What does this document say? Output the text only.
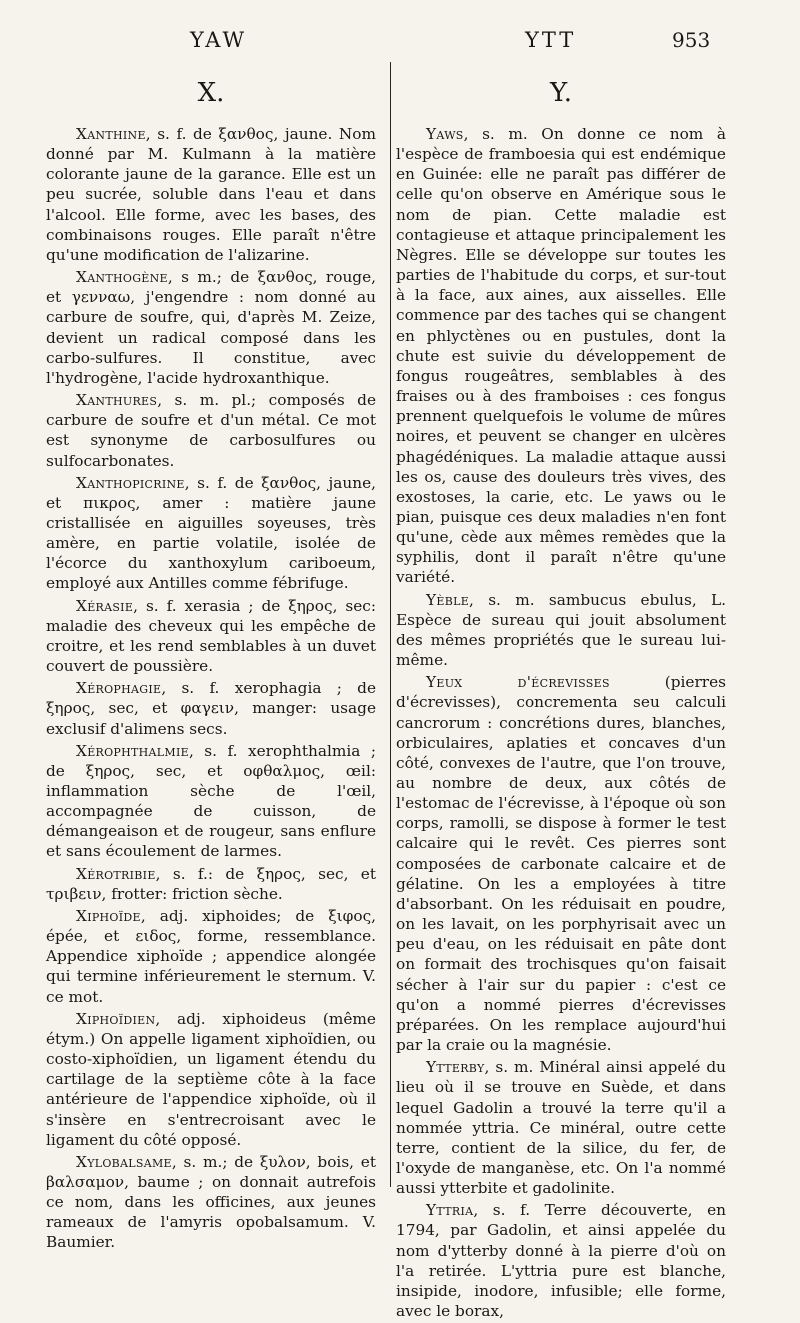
YAW	YTT	953
X.

Xanthine, s. f. de ξανθος, jaune. Nom donné par M. Kulmann à la matière colorante jaune de la garance. Elle est un peu sucrée, soluble dans l'eau et dans l'alcool. Elle forme, avec les bases, des combinaisons rouges. Elle paraît n'être qu'une modification de l'alizarine.

Xanthogène, s m.; de ξανθος, rouge, et γενναω, j'engendre : nom donné au carbure de soufre, qui, d'après M. Zeize, devient un radical composé dans les carbo-sulfures. Il constitue, avec l'hydrogène, l'acide hydroxanthique.

Xanthures, s. m. pl.; composés de carbure de soufre et d'un métal. Ce mot est synonyme de carbosulfures ou sulfocarbonates.

Xanthopicrine, s. f. de ξανθος, jaune, et πικρος, amer : matière jaune cristallisée en aiguilles soyeuses, très amère, en partie volatile, isolée de l'écorce du xanthoxylum cariboeum, employé aux Antilles comme fébrifuge.

Xérasie, s. f. xerasia ; de ξηρος, sec: maladie des cheveux qui les empêche de croitre, et les rend semblables à un duvet couvert de poussière.

Xérophagie, s. f. xerophagia ; de ξηρος, sec, et φαγειν, manger: usage exclusif d'alimens secs.

Xérophthalmie, s. f. xerophthalmia ; de ξηρος, sec, et οφθαλμος, œil: inflammation sèche de l'œil, accompagnée de cuisson, de démangeaison et de rougeur, sans enflure et sans écoulement de larmes.

Xérotribie, s. f.: de ξηρος, sec, et τριβειν, frotter: friction sèche.

Xiphoïde, adj. xiphoides; de ξιφος, épée, et ειδος, forme, ressemblance. Appendice xiphoïde ; appendice alongée qui termine inférieurement le sternum. V. ce mot.

Xiphoïdien, adj. xiphoideus (même étym.) On appelle ligament xiphoïdien, ou costo-xiphoïdien, un ligament étendu du cartilage de la septième côte à la face antérieure de l'appendice xiphoïde, où il s'insère en s'entrecroisant avec le ligament du côté opposé.

Xylobalsame, s. m.; de ξυλον, bois, et βαλσαμον, baume ; on donnait autrefois ce nom, dans les officines, aux jeunes rameaux de l'amyris opobalsamum. V. Baumier.

Y.

Yaws, s. m. On donne ce nom à l'espèce de framboesia qui est endémique en Guinée: elle ne paraît pas différer de celle qu'on observe en Amérique sous le nom de pian. Cette maladie est contagieuse et attaque principalement les Nègres. Elle se développe sur toutes les parties de l'habitude du corps, et sur-tout à la face, aux aines, aux aisselles. Elle commence par des taches qui se changent en phlyctènes ou en pustules, dont la chute est suivie du développement de fongus rougeâtres, semblables à des fraises ou à des framboises : ces fongus prennent quelquefois le volume de mûres noires, et peuvent se changer en ulcères phagédéniques. La maladie attaque aussi les os, cause des douleurs très vives, des exostoses, la carie, etc. Le yaws ou le pian, puisque ces deux maladies n'en font qu'une, cède aux mêmes remèdes que la syphilis, dont il paraît n'être qu'une variété.

Yèble, s. m. sambucus ebulus, L. Espèce de sureau qui jouit absolument des mêmes propriétés que le sureau lui-même.

Yeux d'écrevisses (pierres d'écrevisses), concrementa seu calculi cancrorum : concrétions dures, blanches, orbiculaires, aplaties et concaves d'un côté, convexes de l'autre, que l'on trouve, au nombre de deux, aux côtés de l'estomac de l'écrevisse, à l'époque où son corps, ramolli, se dispose à former le test calcaire qui le revêt. Ces pierres sont composées de carbonate calcaire et de gélatine. On les a employées à titre d'absorbant. On les réduisait en poudre, on les lavait, on les porphyrisait avec un peu d'eau, on les réduisait en pâte dont on formait des trochisques qu'on faisait sécher à l'air sur du papier : c'est ce qu'on a nommé pierres d'écrevisses préparées. On les remplace aujourd'hui par la craie ou la magnésie.

Ytterby, s. m. Minéral ainsi appelé du lieu où il se trouve en Suède, et dans lequel Gadolin a trouvé la terre qu'il a nommée yttria. Ce minéral, outre cette terre, contient de la silice, du fer, de l'oxyde de manganèse, etc. On l'a nommé aussi ytterbite et gadolinite.

Yttria, s. f. Terre découverte, en 1794, par Gadolin, et ainsi appelée du nom d'ytterby donné à la pierre d'où on l'a retirée. L'yttria pure est blanche, insipide, inodore, infusible; elle forme, avec le borax,
